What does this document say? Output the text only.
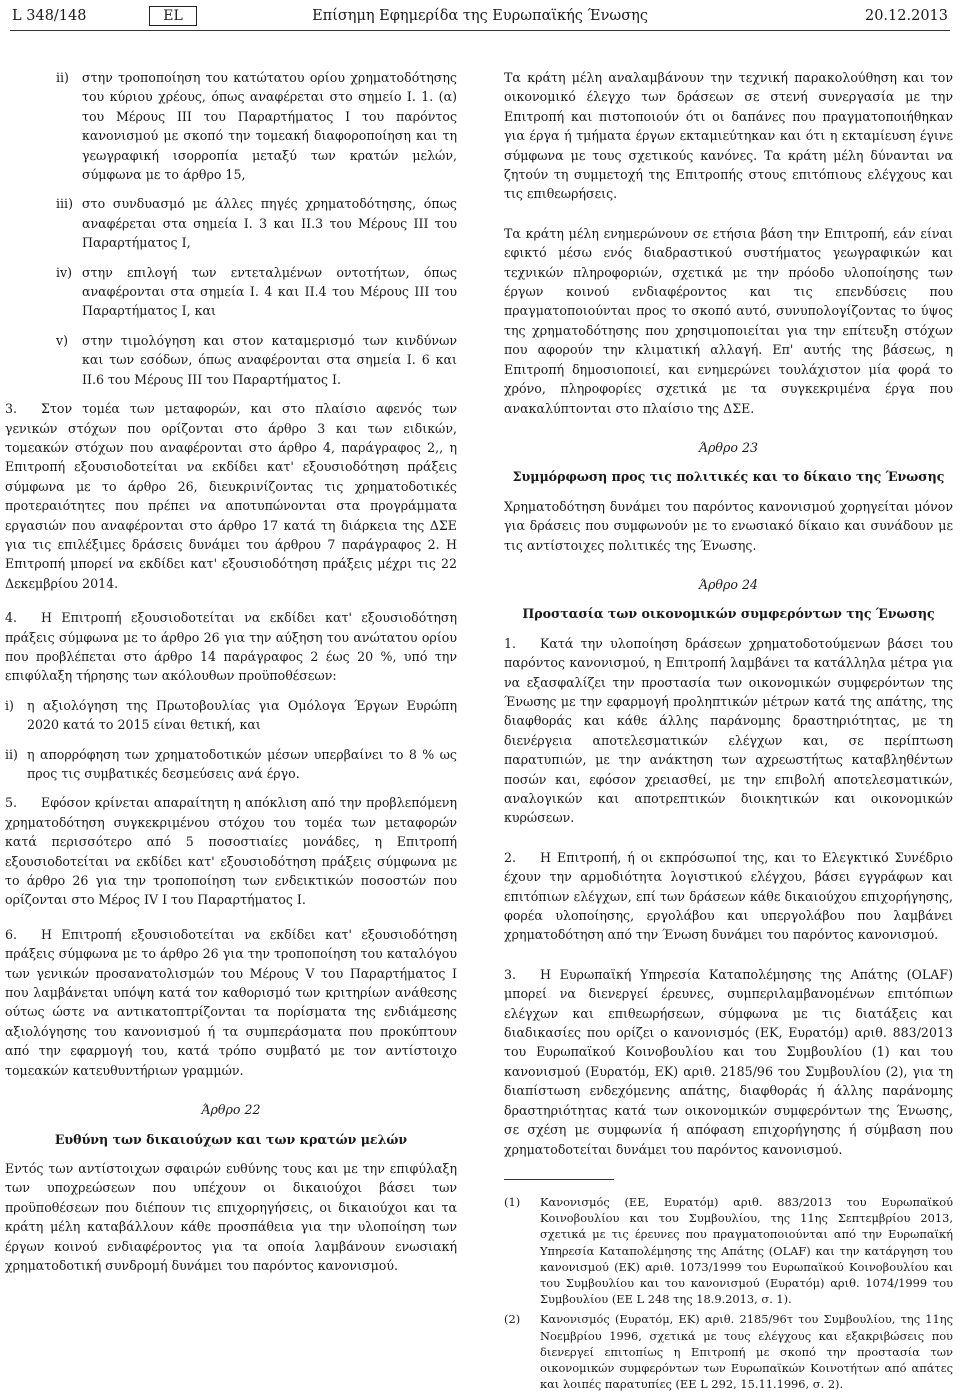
L 348/148	EL	Επίσημη Εφημερίδα της Ευρωπαϊκής Ένωσης	20.12.2013
ii)	στην τροποποίηση του κατώτατου ορίου χρηματοδότησης του κύριου χρέους, όπως αναφέρεται στο σημείο Ι. 1. (α) του Μέρους ΙΙΙ του Παραρτήματος Ι του παρόντος κανονισμού με σκοπό την τομεακή διαφοροποίηση και τη γεωγραφική ισορροπία μεταξύ των κρατών μελών, σύμφωνα με το άρθρο 15,
iii) στο συνδυασμό με άλλες πηγές χρηματοδότησης, όπως αναφέρεται στα σημεία Ι. 3 και ΙΙ.3 του Μέρους ΙΙΙ του Παραρτήματος Ι,
iv) στην επιλογή των εντεταλμένων οντοτήτων, όπως αναφέρονται στα σημεία Ι. 4 και ΙΙ.4 του Μέρους ΙΙΙ του Παραρτήματος Ι, και
v)	στην τιμολόγηση και στον καταμερισμό των κινδύνων και των εσόδων, όπως αναφέρονται στα σημεία Ι. 6 και ΙΙ.6 του Μέρους ΙΙΙ του Παραρτήματος Ι.

3. Στον τομέα των μεταφορών, και στο πλαίσιο αφενός των γενικών στόχων που ορίζονται στο άρθρο 3 και των ειδικών, τομεακών στόχων που αναφέρονται στο άρθρο 4, παράγραφος 2,, η Επιτροπή εξουσιοδοτείται να εκδίδει κατ' εξουσιοδότηση πράξεις σύμφωνα με το άρθρο 26, διευκρινίζοντας τις χρηματοδοτικές προτεραιότητες που πρέπει να αποτυπώνονται στα προγράμματα εργασιών που αναφέρονται στο άρθρο 17 κατά τη διάρκεια της ΔΣΕ για τις επιλέξιμες δράσεις δυνάμει του άρθρου 7 παράγραφος 2. Η Επιτροπή μπορεί να εκδίδει κατ' εξουσιοδότηση πράξεις μέχρι τις 22 Δεκεμβρίου 2014.

4. Η Επιτροπή εξουσιοδοτείται να εκδίδει κατ' εξουσιοδότηση πράξεις σύμφωνα με το άρθρο 26 για την αύξηση του ανώτατου ορίου που προβλέπεται στο άρθρο 14 παράγραφος 2 έως 20 %, υπό την επιφύλαξη τήρησης των ακόλουθων προϋποθέσεων:

i)	η αξιολόγηση της Πρωτοβουλίας για Ομόλογα Έργων Ευρώπη 2020 κατά το 2015 είναι θετική, και
ii) η απορρόφηση των χρηματοδοτικών μέσων υπερβαίνει το 8 % ως προς τις συμβατικές δεσμεύσεις ανά έργο.

5. Εφόσον κρίνεται απαραίτητη η απόκλιση από την προβλεπόμενη χρηματοδότηση συγκεκριμένου στόχου του τομέα των μεταφορών κατά περισσότερο από 5 ποσοστιαίες μονάδες, η Επιτροπή εξουσιοδοτείται να εκδίδει κατ' εξουσιοδότηση πράξεις σύμφωνα με το άρθρο 26 για την τροποποίηση των ενδεικτικών ποσοστών που ορίζονται στο Μέρος IV Ι του Παραρτήματος Ι.

6. Η Επιτροπή εξουσιοδοτείται να εκδίδει κατ' εξουσιοδότηση πράξεις σύμφωνα με το άρθρο 26 για την τροποποίηση του καταλόγου των γενικών προσανατολισμών του Μέρους V του Παραρτήματος Ι που λαμβάνεται υπόψη κατά τον καθορισμό των κριτηρίων ανάθεσης ούτως ώστε να αντικατοπτρίζονται τα πορίσματα της ενδιάμεσης αξιολόγησης του κανονισμού ή τα συμπεράσματα που προκύπτουν από την εφαρμογή του, κατά τρόπο συμβατό με τον αντίστοιχο τομεακών κατευθυντήριων γραμμών.

Άρθρο 22

Ευθύνη των δικαιούχων και των κρατών μελών

Εντός των αντίστοιχων σφαιρών ευθύνης τους και με την επιφύλαξη των υποχρεώσεων που υπέχουν οι δικαιούχοι βάσει των προϋποθέσεων που διέπουν τις επιχορηγήσεις, οι δικαιούχοι και τα κράτη μέλη καταβάλλουν κάθε προσπάθεια για την υλοποίηση των έργων κοινού ενδιαφέροντος για τα οποία λαμβάνουν ενωσιακή χρηματοδοτική συνδρομή δυνάμει του παρόντος κανονισμού.

Τα κράτη μέλη αναλαμβάνουν την τεχνική παρακολούθηση και τον οικονομικό έλεγχο των δράσεων σε στενή συνεργασία με την Επιτροπή και πιστοποιούν ότι οι δαπάνες που πραγματοποιήθηκαν για έργα ή τμήματα έργων εκταμιεύτηκαν και ότι η εκταμίευση έγινε σύμφωνα με τους σχετικούς κανόνες. Τα κράτη μέλη δύνανται να ζητούν τη συμμετοχή της Επιτροπής στους επιτόπιους ελέγχους και τις επιθεωρήσεις.

Τα κράτη μέλη ενημερώνουν σε ετήσια βάση την Επιτροπή, εάν είναι εφικτό μέσω ενός διαδραστικού συστήματος γεωγραφικών και τεχνικών πληροφοριών, σχετικά με την πρόοδο υλοποίησης των έργων κοινού ενδιαφέροντος και τις επενδύσεις που πραγματοποιούνται προς το σκοπό αυτό, συνυπολογίζοντας το ύψος της χρηματοδότησης που χρησιμοποιείται για την επίτευξη στόχων που αφορούν την κλιματική αλλαγή. Επ' αυτής της βάσεως, η Επιτροπή δημοσιοποιεί, και ενημερώνει τουλάχιστον μία φορά το χρόνο, πληροφορίες σχετικά με τα συγκεκριμένα έργα που ανακαλύπτονται στο πλαίσιο της ΔΣΕ.

Άρθρο 23

Συμμόρφωση προς τις πολιτικές και το δίκαιο της Ένωσης

Χρηματοδότηση δυνάμει του παρόντος κανονισμού χορηγείται μόνον για δράσεις που συμφωνούν με το ενωσιακό δίκαιο και συνάδουν με τις αντίστοιχες πολιτικές της Ένωσης.

Άρθρο 24

Προστασία των οικονομικών συμφερόντων της Ένωσης

1. Κατά την υλοποίηση δράσεων χρηματοδοτούμενων βάσει του παρόντος κανονισμού, η Επιτροπή λαμβάνει τα κατάλληλα μέτρα για να εξασφαλίζει την προστασία των οικονομικών συμφερόντων της Ένωσης με την εφαρμογή προληπτικών μέτρων κατά της απάτης, της διαφθοράς και κάθε άλλης παράνομης δραστηριότητας, με τη διενέργεια αποτελεσματικών ελέγχων και, σε περίπτωση παρατυπιών, με την ανάκτηση των αχρεωστήτως καταβληθέντων ποσών και, εφόσον χρειασθεί, με την επιβολή αποτελεσματικών, αναλογικών και αποτρεπτικών διοικητικών και οικονομικών κυρώσεων.

2. Η Επιτροπή, ή οι εκπρόσωποί της, και το Ελεγκτικό Συνέδριο έχουν την αρμοδιότητα λογιστικού ελέγχου, βάσει εγγράφων και επιτόπιων ελέγχων, επί των δράσεων κάθε δικαιούχου επιχορήγησης, φορέα υλοποίησης, εργολάβου και υπεργολάβου που λαμβάνει χρηματοδότηση από την Ένωση δυνάμει του παρόντος κανονισμού.

3. Η Ευρωπαϊκή Υπηρεσία Καταπολέμησης της Απάτης (OLAF) μπορεί να διενεργεί έρευνες, συμπεριλαμβανομένων επιτόπιων ελέγχων και επιθεωρήσεων, σύμφωνα με τις διατάξεις και διαδικασίες που ορίζει ο κανονισμός (ΕΚ, Ευρατόμ) αριθ. 883/2013 του Ευρωπαϊκού Κοινοβουλίου και του Συμβουλίου (1) και του κανονισμού (Ευρατόμ, ΕΚ) αριθ. 2185/96 του Συμβουλίου (2), για τη διαπίστωση ενδεχόμενης απάτης, διαφθοράς ή άλλης παράνομης δραστηριότητας κατά των οικονομικών συμφερόντων της Ένωσης, σε σχέση με συμφωνία ή απόφαση επιχορήγησης ή σύμβαση που χρηματοδοτείται δυνάμει του παρόντος κανονισμού.

(1)	Κανονισμός (ΕΕ, Ευρατόμ) αριθ. 883/2013 του Ευρωπαϊκού Κοινοβουλίου και του Συμβουλίου, της 11ης Σεπτεμβρίου 2013, σχετικά με τις έρευνες που πραγματοποιούνται από την Ευρωπαϊκή Υπηρεσία Καταπολέμησης της Απάτης (OLAF) και την κατάργηση του κανονισμού (ΕΚ) αριθ. 1073/1999 του Ευρωπαϊκού Κοινοβουλίου και του Συμβουλίου και του κανονισμού (Ευρατόμ) αριθ. 1074/1999 του Συμβουλίου (ΕΕ L 248 της 18.9.2013, σ. 1).
(2)	Κανονισμός (Ευρατόμ, ΕΚ) αριθ. 2185/96τ του Συμβουλίου, της 11ης Νοεμβρίου 1996, σχετικά με τους ελέγχους και εξακριβώσεις που διενεργεί επιτοπίως η Επιτροπή με σκοπό την προστασία των οικονομικών συμφερόντων των Ευρωπαϊκών Κοινοτήτων από απάτες και λοιπές παρατυπίες (ΕΕ L 292, 15.11.1996, σ. 2).
